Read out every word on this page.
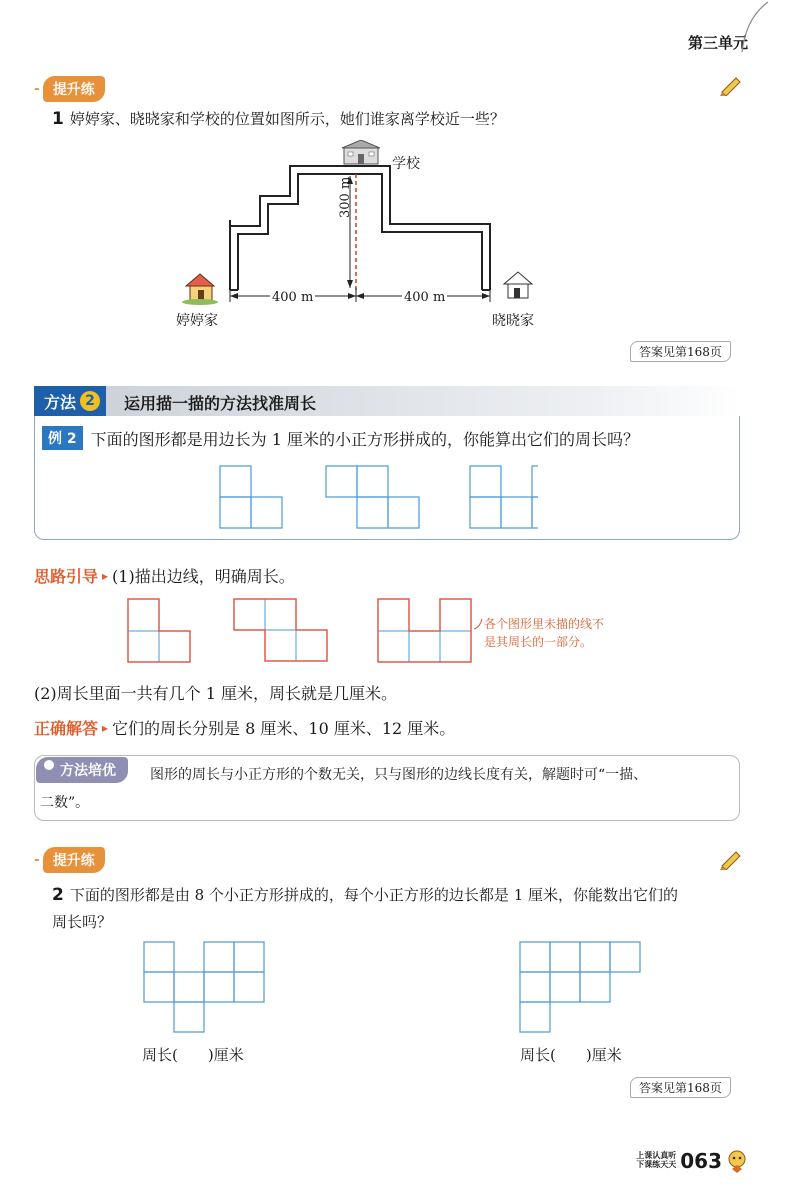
第三单元
- 提升练
1 婷婷家、晓晓家和学校的位置如图所示，她们谁家离学校近一些？
学校
300 m
400 m	400 m
婷婷家	晓晓家
答案见第168页
方法 2	运用描一描的方法找准周长
例 2 下面的图形都是用边长为 1 厘米的小正方形拼成的，你能算出它们的周长吗？
思路引导 ▸ (1)描出边线，明确周长。
各个图形里未描的线不
是其周长的一部分。
(2)周长里面一共有几个 1 厘米，周长就是几厘米。
正确解答 ▸ 它们的周长分别是 8 厘米、10 厘米、12 厘米。
方法培优	图形的周长与小正方形的个数无关，只与图形的边线长度有关，解题时可“一描、
二数”。
- 提升练
2 下面的图形都是由 8 个小正方形拼成的，每个小正方形的边长都是 1 厘米，你能数出它们的
周长吗？
周长(　　)厘米	周长(　　)厘米
答案见第168页
上课认真听
下课练天天 063
